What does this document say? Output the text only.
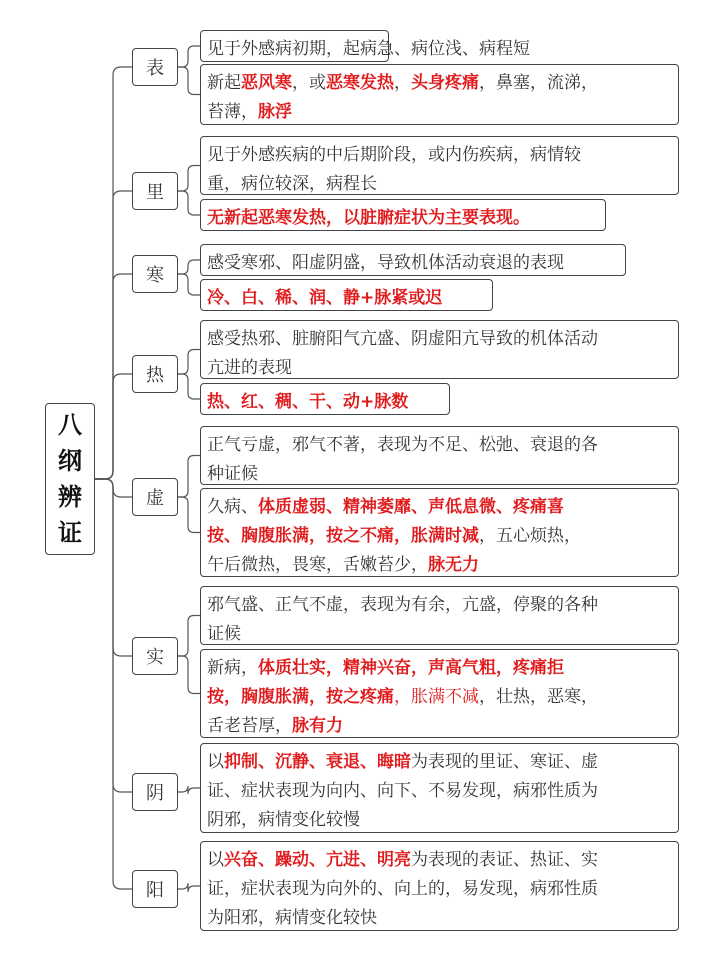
八
纲
辨
证
表
见于外感病初期，起病急、病位浅、病程短
新起恶风寒，或恶寒发热，头身疼痛，鼻塞，流涕，
苔薄，脉浮
里
见于外感疾病的中后期阶段，或内伤疾病，病情较
重，病位较深，病程长
无新起恶寒发热，以脏腑症状为主要表现。
寒
感受寒邪、阳虚阴盛，导致机体活动衰退的表现
冷、白、稀、润、静+脉紧或迟
热
感受热邪、脏腑阳气亢盛、阴虚阳亢导致的机体活动
亢进的表现
热、红、稠、干、动+脉数
虚
正气亏虚，邪气不著，表现为不足、松弛、衰退的各
种证候
久病、体质虚弱、精神萎靡、声低息微、疼痛喜
按、胸腹胀满，按之不痛，胀满时减，五心烦热，
午后微热，畏寒，舌嫩苔少，脉无力
实
邪气盛、正气不虚，表现为有余，亢盛，停聚的各种
证候
新病，体质壮实，精神兴奋，声高气粗，疼痛拒
按，胸腹胀满，按之疼痛，胀满不减，壮热，恶寒，
舌老苔厚，脉有力
阴
以抑制、沉静、衰退、晦暗为表现的里证、寒证、虚
证、症状表现为向内、向下、不易发现，病邪性质为
阴邪，病情变化较慢
阳
以兴奋、躁动、亢进、明亮为表现的表证、热证、实
证，症状表现为向外的、向上的，易发现，病邪性质
为阳邪，病情变化较快
